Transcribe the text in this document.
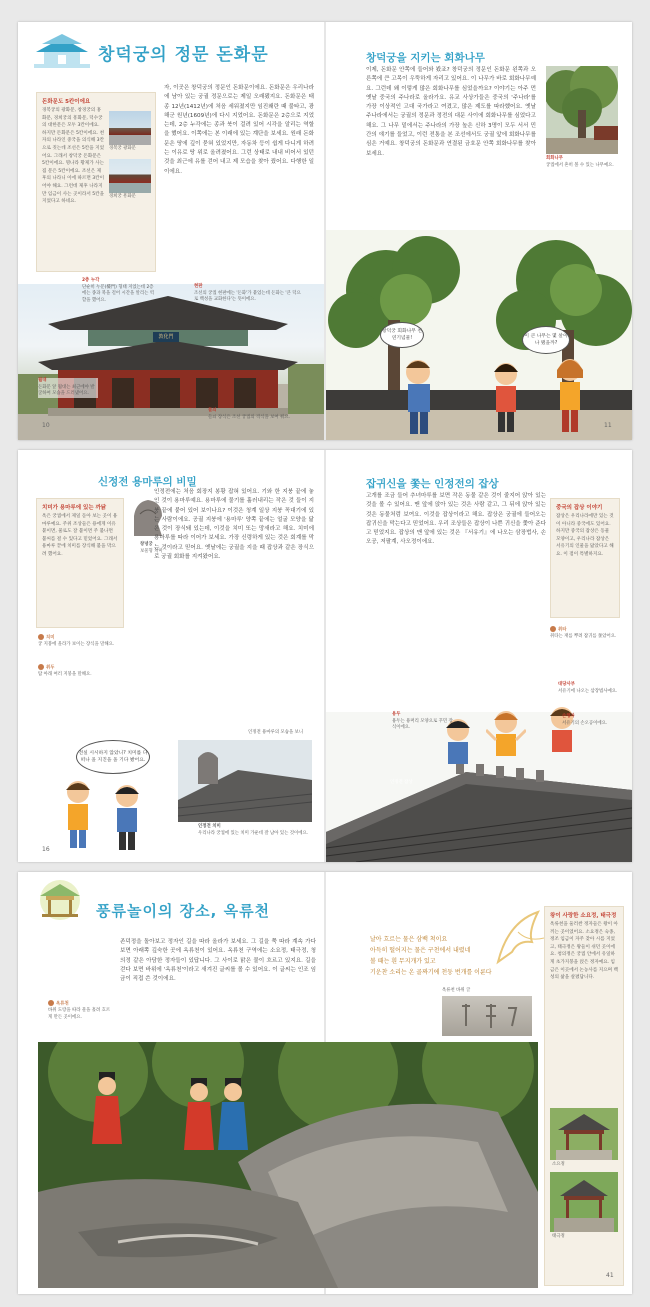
창덕궁의 정문 돈화문
돈화문도 5칸이에요
경복궁의 광화문, 창경궁의 홍화문, 경희궁의 흥화문, 덕수궁의 대한문은 모두 3칸이에요. 하지만 돈화문은 5칸이에요. 천자의 나라인 중국을 의식해 3칸으로 짓는데 조선은 5칸을 지었어요. 그래서 창덕궁 돈화문은 5칸이에요. 명나라 황제가 사는 집 문은 5칸이에요. 조선은 제후의 나라니 이에 따르면 3칸이어야 해요. 그런데 제후 나라지만 임금이 사는 곳이라서 5칸을 지었다고 하네요.
경복궁 광화문
경희궁 흥화문
자, 이곳은 창덕궁의 정문인 돈화문이에요. 돈화문은 우리나라에 남아 있는 궁궐 정문으로는 제일 오래됐지요. 돈화문은 태종 12년(1412년)에 처음 세워졌지만 임진왜란 때 불타고, 광해군 원년(1609년)에 다시 지었어요. 돈화문은 2층으로 지었는데, 2층 누각에는 종과 북이 걸려 있어 시각을 알리는 역할을 했어요. 이쪽에는 본 이래에 있는 계단을 보세요. 원래 돈화문은 땅에 깊이 묻혀 있었지만, 자동차 등이 쉽게 다니게 하려는 이유로 땅 위로 올려졌어요. 그런 상태로 내내 비어서 있던 것을 최근에 유를 걷어 내고 제 모습을 찾아 줬어요. 다행한 일이에요.
敦化門
2층 누각
단순히 누문(樓門) 형태 지었는데 2층에는 종과 북을 걸어 시간을 알리는 역할을 했어요.
현판
조선의 궁궐 현판에는 '돈화'가 붙었는데 돈화는 '큰 덕으로 백성을 교화한다'는 뜻이에요.
월대
돈화문 앞 월대는 최근에야 발굴하여 모습을 드러냈어요.
들쇠
들쇠 장식은 조선 궁궐의 격식을 보여 줘요.
10
창덕궁을 지키는 회화나무
이제, 돈화문 안쪽에 들어와 봤죠? 창덕궁의 정문인 돈화문 왼쪽과 오른쪽에 큰 고목이 우뚝하게 자리고 있어요. 이 나무가 바로 회화나무예요. 그런데 왜 이렇게 많은 회화나무를 심었을까요? 이야기는 아주 먼 옛날 중국의 주나라로 올라가요. 유교 사상가들은 중국의 '주나라'를 가장 이상적인 고대 국가라고 여겼고, 많은 제도를 따라했어요. 옛날 주나라에서는 궁궐의 정문과 정전의 대문 사이에 회화나무를 심었다고 해요. 그 나무 밑에서는 주나라의 가장 높은 신하 3명이 모두 서서 민간의 얘기를 들었고, 이런 전통을 본 조선에서도 궁궐 앞에 회화나무를 심은 거예요. 창덕궁의 돈화문과 연결된 금호문 안쪽 회화나무를 찾아보세요.
회화나무
궁궐에서 흔히 볼 수 있는 나무예요.
창덕궁 회화나무 천연기념물!	이 큰 나무는 몇 살이나 됐을까?
11
신정전 용마루의 비밀
치미가 용마루에 있는 까닭
옥은 궁궐에서 제일 돋아 보는 곳이 용마루예요. 주위 조상들은 용에게 이유 붙이면, 물로도 잘 불이면 주 불나면 불씨를 걸 수 있다고 믿었어요. 그래서 용마루 끝에 치미를 장식해 불을 막으려 했어요.
창녕궁
보물형 치미
인정전에는 처음 회장지 봉황 잡혀 있어요. 기와 한 지붕 끝에 놓인 것이 용마루예요. 용마루에 물기를 흘러내리는 작은 것 들이 지붕 끝에 붙어 있어 보이나요? 이것은 청계 일상 지붕 꼭대기에 있는 사람이에요. 공궐 지붕에 '용마루' 양쪽 끝에는 얼굴 모양을 닮은 것이 장식돼 있는데, 이것을 치미 또는 망새라고 해요. 치미에 용마루를 따라 이어가 보세요. 가장 신령하게 있는 것은 회계를 막는 것이라고 믿어요. 옛날에는 궁궐을 지을 때 잡상과 같은 장식으로 궁궐 회화를 지켜왔어요.
치미
궁 지붕에 올라가 보이는 장식을 말해요.
취두
탑 아래 여러 지붕을 말해요.
전실 시시하지 않았니? 치미를 다 떠나 올 지진을 올 기다 봤어요.
인정전 용마루의 모습을 보니
인정전 치미
우리나라 궁궐에 있는 치미 가운데 잘 남아 있는 것이에요.
16
잡귀신을 쫓는 인정전의 잡상
고개를 조금 들어 추녀마루를 보면 작은 동물 같은 것이 줄지어 앉아 있는 것을 볼 수 있어요. 맨 앞에 앉아 있는 것은 사람 같고, 그 뒤에 앉아 있는 것은 동물처럼 보여요. 이것을 잡상이라고 해요. 잡상은 궁궐에 들어오는 잡귀신을 막는다고 믿었어요. 우리 조상들은 잡상이 나쁜 귀신을 쫓아 준다고 믿었지요. 잡상의 맨 앞에 있는 것은 『서유기』에 나오는 삼장법사, 손오공, 저팔계, 사오정이에요.
중국의 잡상 이야기
잡상은 우리나라에만 있는 것이 아니라 중국에도 있어요. 하지만 중국의 잡상은 동물 모양이고, 우리나라 잡상은 서유기의 인물을 닮았다고 해요. 이 점이 특별하지요.
취타
취타는 재를 뿌려 잡귀를 쫓았어요.
용두
용두는 용머리 모양으로 꾸민 장식이에요.
대당사부
서유기에 나오는 삼장법사예요.
손행자
서유기의 손오공이에요.
인정전 잡상
풍류놀이의 장소, 옥류천
존덕정을 돌아보고 정자인 길을 따라 올라가 보세요. 그 길을 쭉 따라 계속 가다 보면 아래쪽 깊숙한 곳에 옥류천이 있어요. 옥류천 구역에는 소요정, 태극정, 청의정 같은 아담한 정자들이 있답니다. 그 사이로 맑은 물이 흐르고 있지요. 길을 걷다 보면 바위에 '옥류천'이라고 새겨진 글씨를 볼 수 있어요. 이 글씨는 인조 임금이 직접 쓴 것이에요.
옥류천
바위 도랑을 따라 물을 흘려 흐르게 만든 곳이에요.
날아 흐르는 물은 삼백 척이요
아득히 떨어지는 물은 구천에서 내렸네
볼 때는 흰 무지개가 있고
기운찬 소리는 온 골짜기에 천둥 번개를 이룬다
옥류천 바위 글
왕이 사랑한 소요정, 태극정
옥류천을 둘러싼 정자들은 왕이 아끼는 곳이었어요. 소요정은 숙종, 정조 임금이 자주 찾아 시를 지었고, 태극정은 왕들이 쉬던 곳이에요. 청의정은 궁궐 안에서 유일하게 초가지붕을 얹은 정자예요. 임금은 이곳에서 논농사를 지으며 백성의 삶을 살폈답니다.
소요정
태극정
41
